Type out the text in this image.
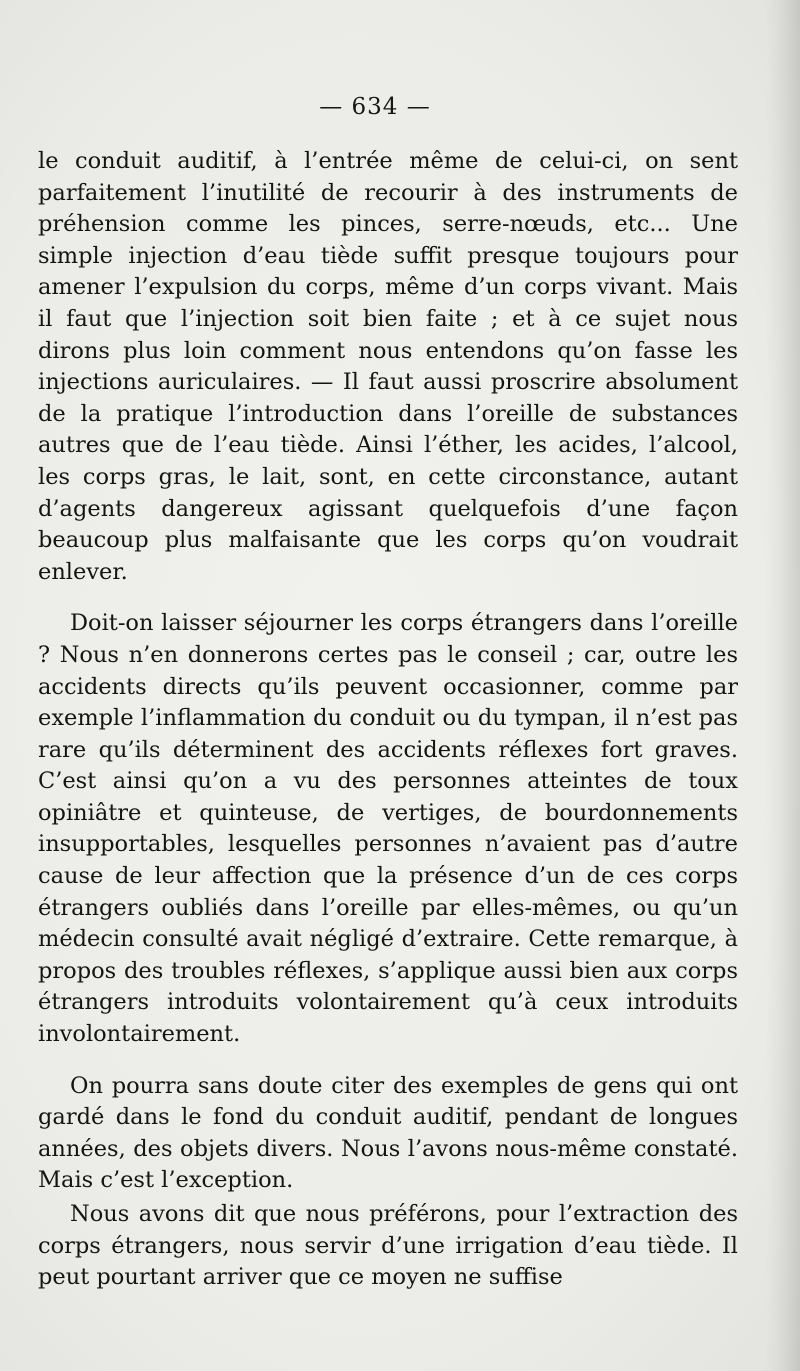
— 634 —

le conduit auditif, à l’entrée même de celui-ci, on sent parfaitement l’inutilité de recourir à des instruments de préhension comme les pinces, serre-nœuds, etc... Une simple injection d’eau tiède suffit presque toujours pour amener l’expulsion du corps, même d’un corps vivant. Mais il faut que l’injection soit bien faite ; et à ce sujet nous dirons plus loin comment nous entendons qu’on fasse les injections auriculaires. — Il faut aussi proscrire absolument de la pratique l’introduction dans l’oreille de substances autres que de l’eau tiède. Ainsi l’éther, les acides, l’alcool, les corps gras, le lait, sont, en cette circonstance, autant d’agents dangereux agissant quelquefois d’une façon beaucoup plus malfaisante que les corps qu’on voudrait enlever.

Doit-on laisser séjourner les corps étrangers dans l’oreille ? Nous n’en donnerons certes pas le conseil ; car, outre les accidents directs qu’ils peuvent occasionner, comme par exemple l’inflammation du conduit ou du tympan, il n’est pas rare qu’ils déterminent des accidents réflexes fort graves. C’est ainsi qu’on a vu des personnes atteintes de toux opiniâtre et quinteuse, de vertiges, de bourdonnements insupportables, lesquelles personnes n’avaient pas d’autre cause de leur affection que la présence d’un de ces corps étrangers oubliés dans l’oreille par elles-mêmes, ou qu’un médecin consulté avait négligé d’extraire. Cette remarque, à propos des troubles réflexes, s’applique aussi bien aux corps étrangers introduits volontairement qu’à ceux introduits involontairement.

On pourra sans doute citer des exemples de gens qui ont gardé dans le fond du conduit auditif, pendant de longues années, des objets divers. Nous l’avons nous-même constaté. Mais c’est l’exception.

Nous avons dit que nous préférons, pour l’extraction des corps étrangers, nous servir d’une irrigation d’eau tiède. Il peut pourtant arriver que ce moyen ne suffise
